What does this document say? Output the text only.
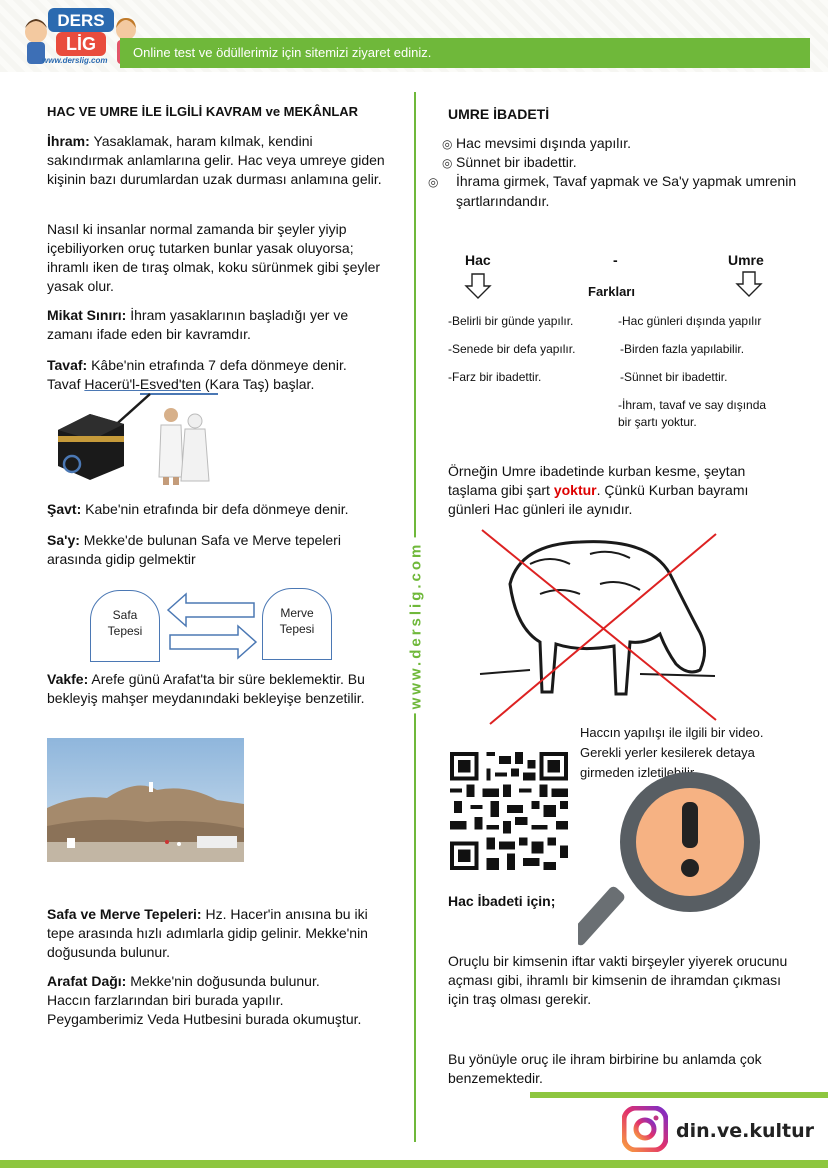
DERS
LİG
www.derslig.com
Online test ve ödüllerimiz için sitemizi ziyaret ediniz.
www.derslig.com
HAC VE UMRE İLE İLGİLİ KAVRAM ve MEKÂNLAR
İhram: Yasaklamak, haram kılmak, kendini sakındırmak anlamlarına gelir. Hac veya umreye giden kişinin bazı durumlardan uzak durması anlamına gelir.
Nasıl ki insanlar normal zamanda bir şeyler yiyip içebiliyorken oruç tutarken bunlar yasak oluyorsa; ihramlı iken de tıraş olmak, koku sürünmek gibi şeyler yasak olur.
Mikat Sınırı: İhram yasaklarının başladığı yer ve zamanı ifade eden bir kavramdır.
Tavaf: Kâbe'nin etrafında 7 defa dönmeye denir.
Tavaf Hacerü'l-Esved'ten (Kara Taş) başlar.
Şavt: Kabe'nin etrafında bir defa dönmeye denir.
Sa'y: Mekke'de bulunan Safa ve Merve tepeleri arasında gidip gelmektir
Safa
Tepesi
Merve
Tepesi
Vakfe: Arefe günü Arafat'ta bir süre beklemektir. Bu bekleyiş mahşer meydanındaki bekleyişe benzetilir.
Safa ve Merve Tepeleri: Hz. Hacer'in anısına bu iki tepe arasında hızlı adımlarla gidip gelinir. Mekke'nin doğusunda bulunur.
Arafat Dağı: Mekke'nin doğusunda bulunur. Haccın farzlarından biri burada yapılır. Peygamberimiz Veda Hutbesini burada okumuştur.
UMRE İBADETİ
◎ Hac mevsimi dışında yapılır.
◎ Sünnet bir ibadettir.
◎ İhrama girmek, Tavaf yapmak ve Sa'y yapmak umrenin şartlarındandır.
Hac	-	Umre
Farkları
-Belirli bir günde yapılır.
-Senede bir defa yapılır.
-Farz bir ibadettir.
-Hac günleri dışında yapılır
-Birden fazla yapılabilir.
-Sünnet bir ibadettir.
-İhram, tavaf ve say dışında bir şartı yoktur.
Örneğin Umre ibadetinde kurban kesme, şeytan taşlama gibi şart yoktur. Çünkü Kurban bayramı günleri Hac günleri ile aynıdır.
Haccın yapılışı ile ilgili bir video. Gerekli yerler kesilerek detaya girmeden izletilebilir.
Hac İbadeti için;
Oruçlu bir kimsenin iftar vakti birşeyler yiyerek orucunu açması gibi, ihramlı bir kimsenin de ihramdan çıkması için traş olması gerekir.
Bu yönüyle oruç ile ihram birbirine bu anlamda çok benzemektedir.
din.ve.kultur
